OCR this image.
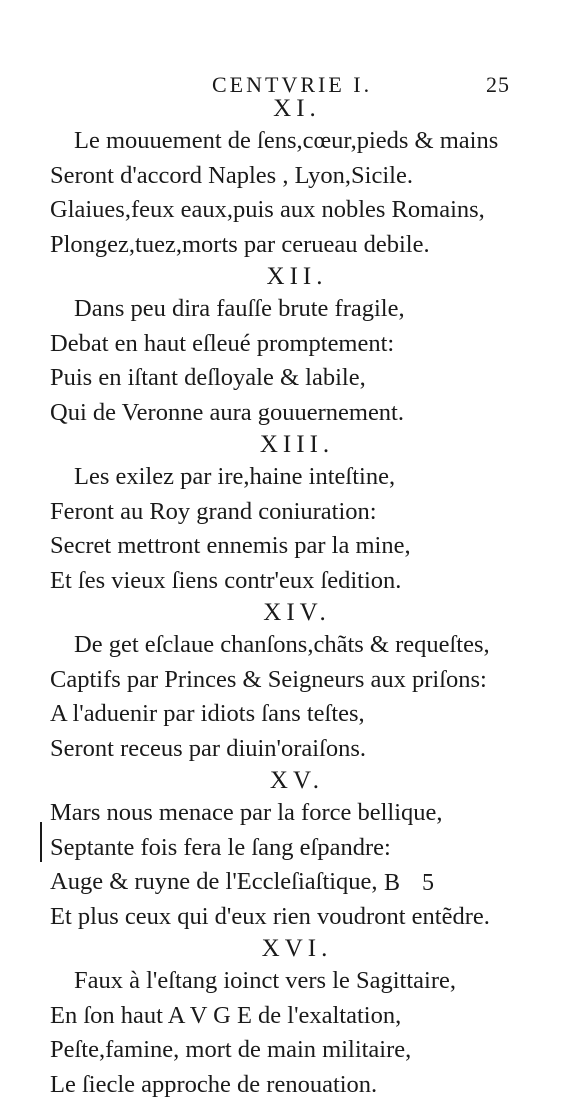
CENTVRIE I.	25
XI.
Le mouuement de ſens,cœur,pieds & mains
Seront d'accord Naples , Lyon,Sicile.
Glaiues,feux eaux,puis aux nobles Romains,
Plongez,tuez,morts par cerueau debile.
XII.
Dans peu dira fauſſe brute fragile,
Debat en haut eſleué promptement:
Puis en iſtant deſloyale & labile,
Qui de Veronne aura gouuernement.
XIII.
Les exilez par ire,haine inteſtine,
Feront au Roy grand coniuration:
Secret mettront ennemis par la mine,
Et ſes vieux ſiens contr'eux ſedition.
XIV.
De get eſclaue chanſons,chãts & requeſtes,
Captifs par Princes & Seigneurs aux priſons:
A l'aduenir par idiots ſans teſtes,
Seront receus par diuin'oraiſons.
XV.
Mars nous menace par la force bellique,
Septante fois fera le ſang eſpandre:
Auge & ruyne de l'Eccleſiaſtique,
Et plus ceux qui d'eux rien voudront entẽdre.
XVI.
Faux à l'eſtang ioinct vers le Sagittaire,
En ſon haut A V G E de l'exaltation,
Peſte,famine, mort de main militaire,
Le ſiecle approche de renouation.
B 5
